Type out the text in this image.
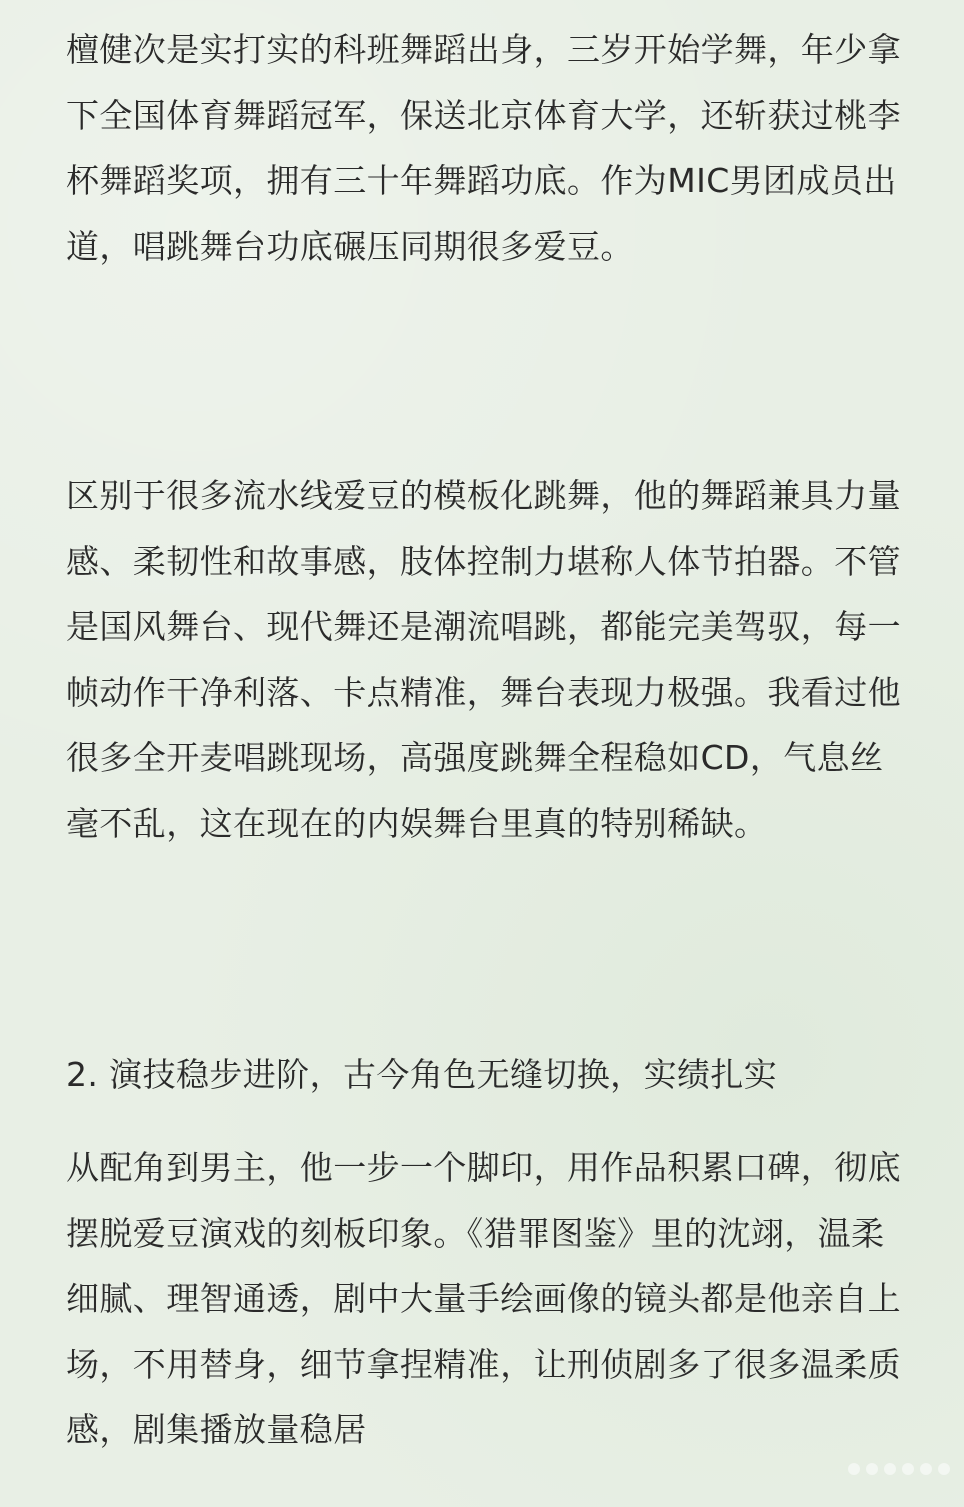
檀健次是实打实的科班舞蹈出身，三岁开始学舞，年少拿下全国体育舞蹈冠军，保送北京体育大学，还斩获过桃李杯舞蹈奖项，拥有三十年舞蹈功底。作为MIC男团成员出道，唱跳舞台功底碾压同期很多爱豆。

区别于很多流水线爱豆的模板化跳舞，他的舞蹈兼具力量感、柔韧性和故事感，肢体控制力堪称人体节拍器。不管是国风舞台、现代舞还是潮流唱跳，都能完美驾驭，每一帧动作干净利落、卡点精准，舞台表现力极强。我看过他很多全开麦唱跳现场，高强度跳舞全程稳如CD，气息丝毫不乱，这在现在的内娱舞台里真的特别稀缺。

2. 演技稳步进阶，古今角色无缝切换，实绩扎实

从配角到男主，他一步一个脚印，用作品积累口碑，彻底摆脱爱豆演戏的刻板印象。《猎罪图鉴》里的沈翊，温柔细腻、理智通透，剧中大量手绘画像的镜头都是他亲自上场，不用替身，细节拿捏精准，让刑侦剧多了很多温柔质感，剧集播放量稳居
